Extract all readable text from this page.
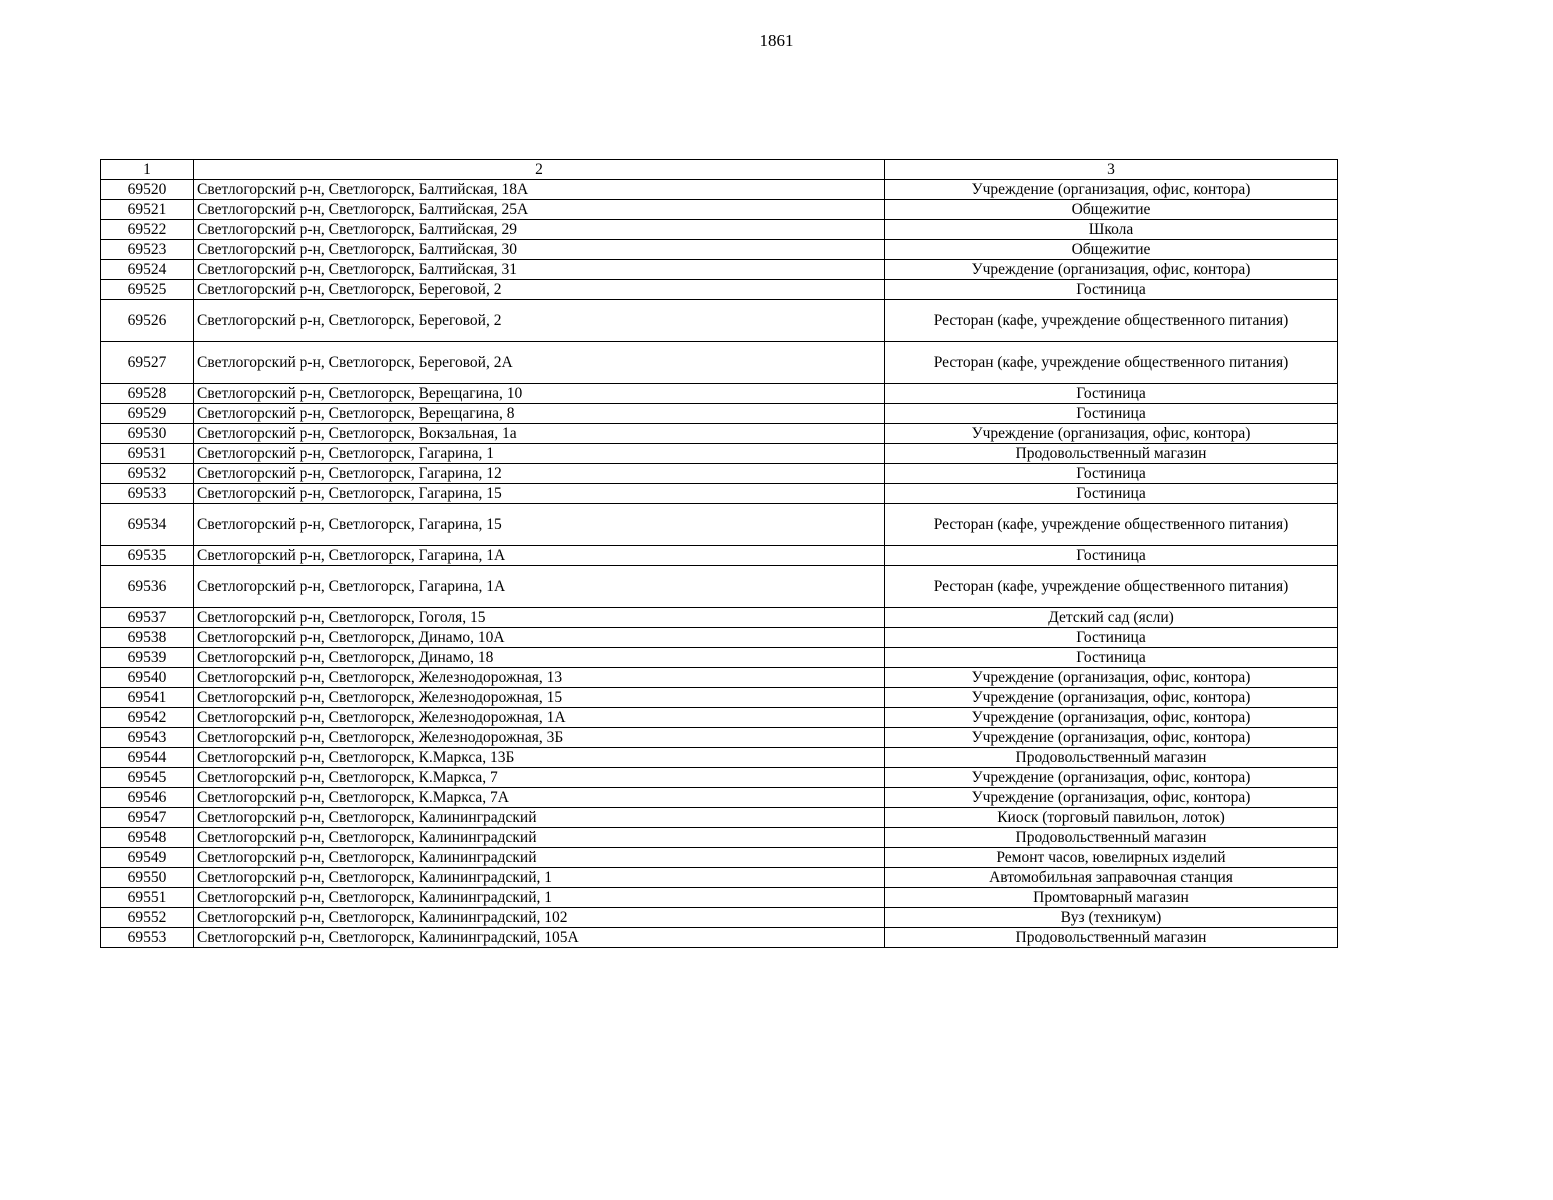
1861
1	2	3
69520	Светлогорский р-н, Светлогорск, Балтийская, 18А	Учреждение (организация, офис, контора)
69521	Светлогорский р-н, Светлогорск, Балтийская, 25А	Общежитие
69522	Светлогорский р-н, Светлогорск, Балтийская, 29	Школа
69523	Светлогорский р-н, Светлогорск, Балтийская, 30	Общежитие
69524	Светлогорский р-н, Светлогорск, Балтийская, 31	Учреждение (организация, офис, контора)
69525	Светлогорский р-н, Светлогорск, Береговой, 2	Гостиница
69526	Светлогорский р-н, Светлогорск, Береговой, 2	Ресторан (кафе, учреждение общественного питания)
69527	Светлогорский р-н, Светлогорск, Береговой, 2А	Ресторан (кафе, учреждение общественного питания)
69528	Светлогорский р-н, Светлогорск, Верещагина, 10	Гостиница
69529	Светлогорский р-н, Светлогорск, Верещагина, 8	Гостиница
69530	Светлогорский р-н, Светлогорск, Вокзальная, 1а	Учреждение (организация, офис, контора)
69531	Светлогорский р-н, Светлогорск, Гагарина, 1	Продовольственный магазин
69532	Светлогорский р-н, Светлогорск, Гагарина, 12	Гостиница
69533	Светлогорский р-н, Светлогорск, Гагарина, 15	Гостиница
69534	Светлогорский р-н, Светлогорск, Гагарина, 15	Ресторан (кафе, учреждение общественного питания)
69535	Светлогорский р-н, Светлогорск, Гагарина, 1А	Гостиница
69536	Светлогорский р-н, Светлогорск, Гагарина, 1А	Ресторан (кафе, учреждение общественного питания)
69537	Светлогорский р-н, Светлогорск, Гоголя, 15	Детский сад (ясли)
69538	Светлогорский р-н, Светлогорск, Динамо, 10А	Гостиница
69539	Светлогорский р-н, Светлогорск, Динамо, 18	Гостиница
69540	Светлогорский р-н, Светлогорск, Железнодорожная, 13	Учреждение (организация, офис, контора)
69541	Светлогорский р-н, Светлогорск, Железнодорожная, 15	Учреждение (организация, офис, контора)
69542	Светлогорский р-н, Светлогорск, Железнодорожная, 1А	Учреждение (организация, офис, контора)
69543	Светлогорский р-н, Светлогорск, Железнодорожная, 3Б	Учреждение (организация, офис, контора)
69544	Светлогорский р-н, Светлогорск, К.Маркса, 13Б	Продовольственный магазин
69545	Светлогорский р-н, Светлогорск, К.Маркса, 7	Учреждение (организация, офис, контора)
69546	Светлогорский р-н, Светлогорск, К.Маркса, 7А	Учреждение (организация, офис, контора)
69547	Светлогорский р-н, Светлогорск, Калининградский	Киоск (торговый павильон, лоток)
69548	Светлогорский р-н, Светлогорск, Калининградский	Продовольственный магазин
69549	Светлогорский р-н, Светлогорск, Калининградский	Ремонт часов, ювелирных изделий
69550	Светлогорский р-н, Светлогорск, Калининградский, 1	Автомобильная заправочная станция
69551	Светлогорский р-н, Светлогорск, Калининградский, 1	Промтоварный магазин
69552	Светлогорский р-н, Светлогорск, Калининградский, 102	Вуз (техникум)
69553	Светлогорский р-н, Светлогорск, Калининградский, 105А	Продовольственный магазин
